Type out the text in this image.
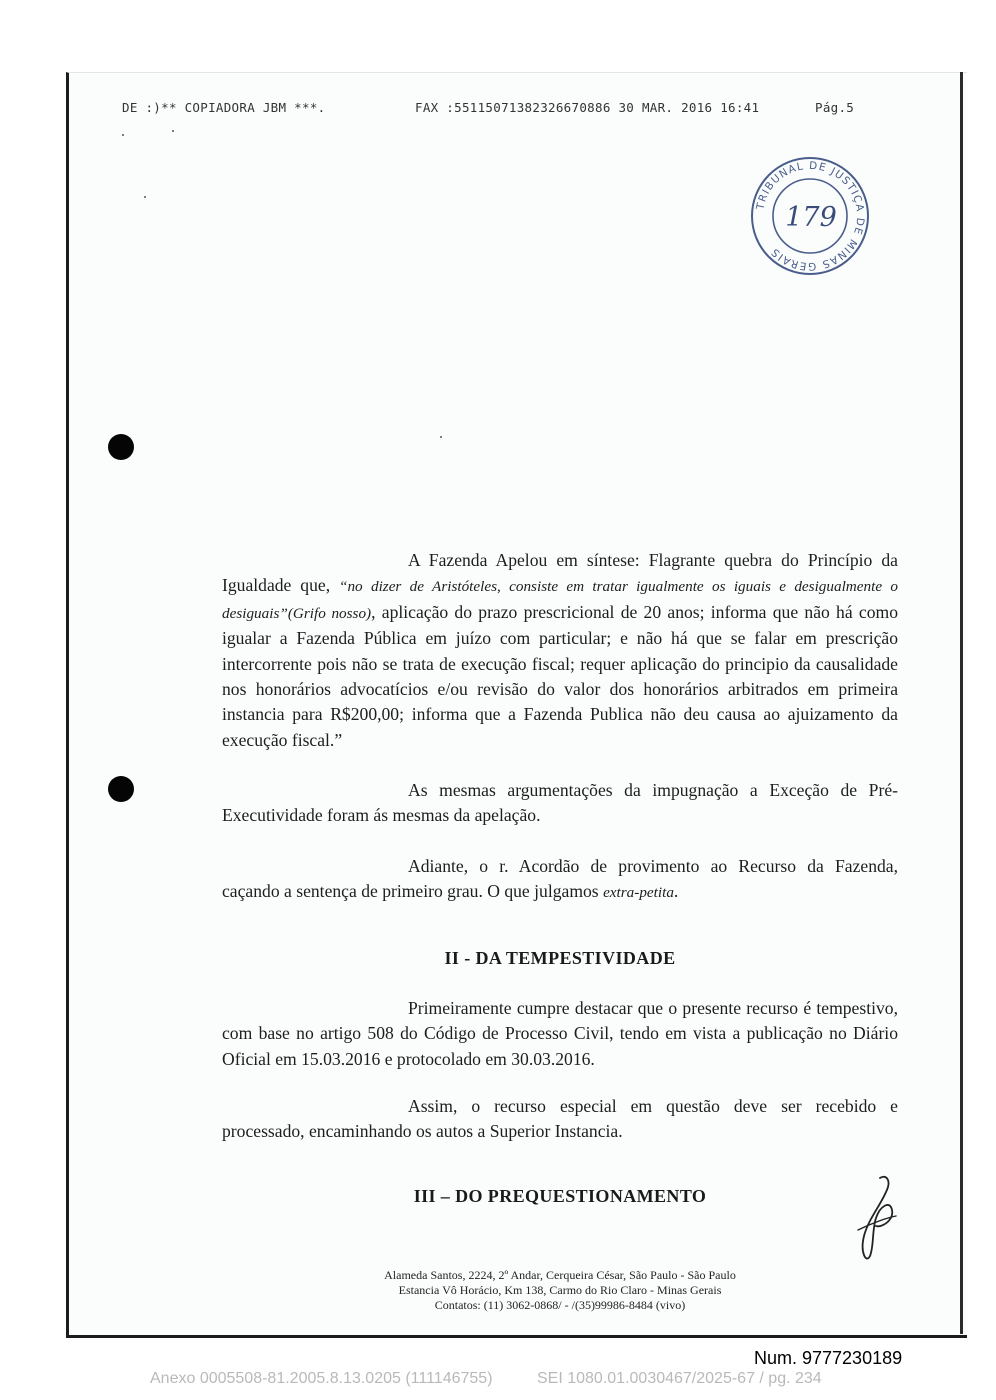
DE :)** COPIADORA JBM ***.	FAX :55115071382326670886 30 MAR. 2016 16:41	Pág.5
TRIBUNAL DE JUSTIÇA DE MINAS GERAIS
179
A Fazenda Apelou em síntese: Flagrante quebra do Princípio da Igualdade que, “no dizer de Aristóteles, consiste em tratar igualmente os iguais e desigualmente o desiguais”(Grifo nosso), aplicação do prazo prescricional de 20 anos; informa que não há como igualar a Fazenda Pública em juízo com particular; e não há que se falar em prescrição intercorrente pois não se trata de execução fiscal; requer aplicação do principio da causalidade nos honorários advocatícios e/ou revisão do valor dos honorários arbitrados em primeira instancia para R$200,00; informa que a Fazenda Publica não deu causa ao ajuizamento da execução fiscal.”
As mesmas argumentações da impugnação a Exceção de Pré-Executividade foram ás mesmas da apelação.
Adiante, o r. Acordão de provimento ao Recurso da Fazenda, caçando a sentença de primeiro grau. O que julgamos extra-petita.
II - DA TEMPESTIVIDADE
Primeiramente cumpre destacar que o presente recurso é tempestivo, com base no artigo 508 do Código de Processo Civil, tendo em vista a publicação no Diário Oficial em 15.03.2016 e protocolado em 30.03.2016.
Assim, o recurso especial em questão deve ser recebido e processado, encaminhando os autos a Superior Instancia.
III – DO PREQUESTIONAMENTO
Alameda Santos, 2224, 2º Andar, Cerqueira César, São Paulo - São Paulo
Estancia Vô Horácio, Km 138, Carmo do Rio Claro - Minas Gerais
Contatos: (11) 3062-0868/ - /(35)99986-8484 (vivo)
Num. 9777230189
Anexo 0005508-81.2005.8.13.0205 (111146755)	SEI 1080.01.0030467/2025-67 / pg. 234
